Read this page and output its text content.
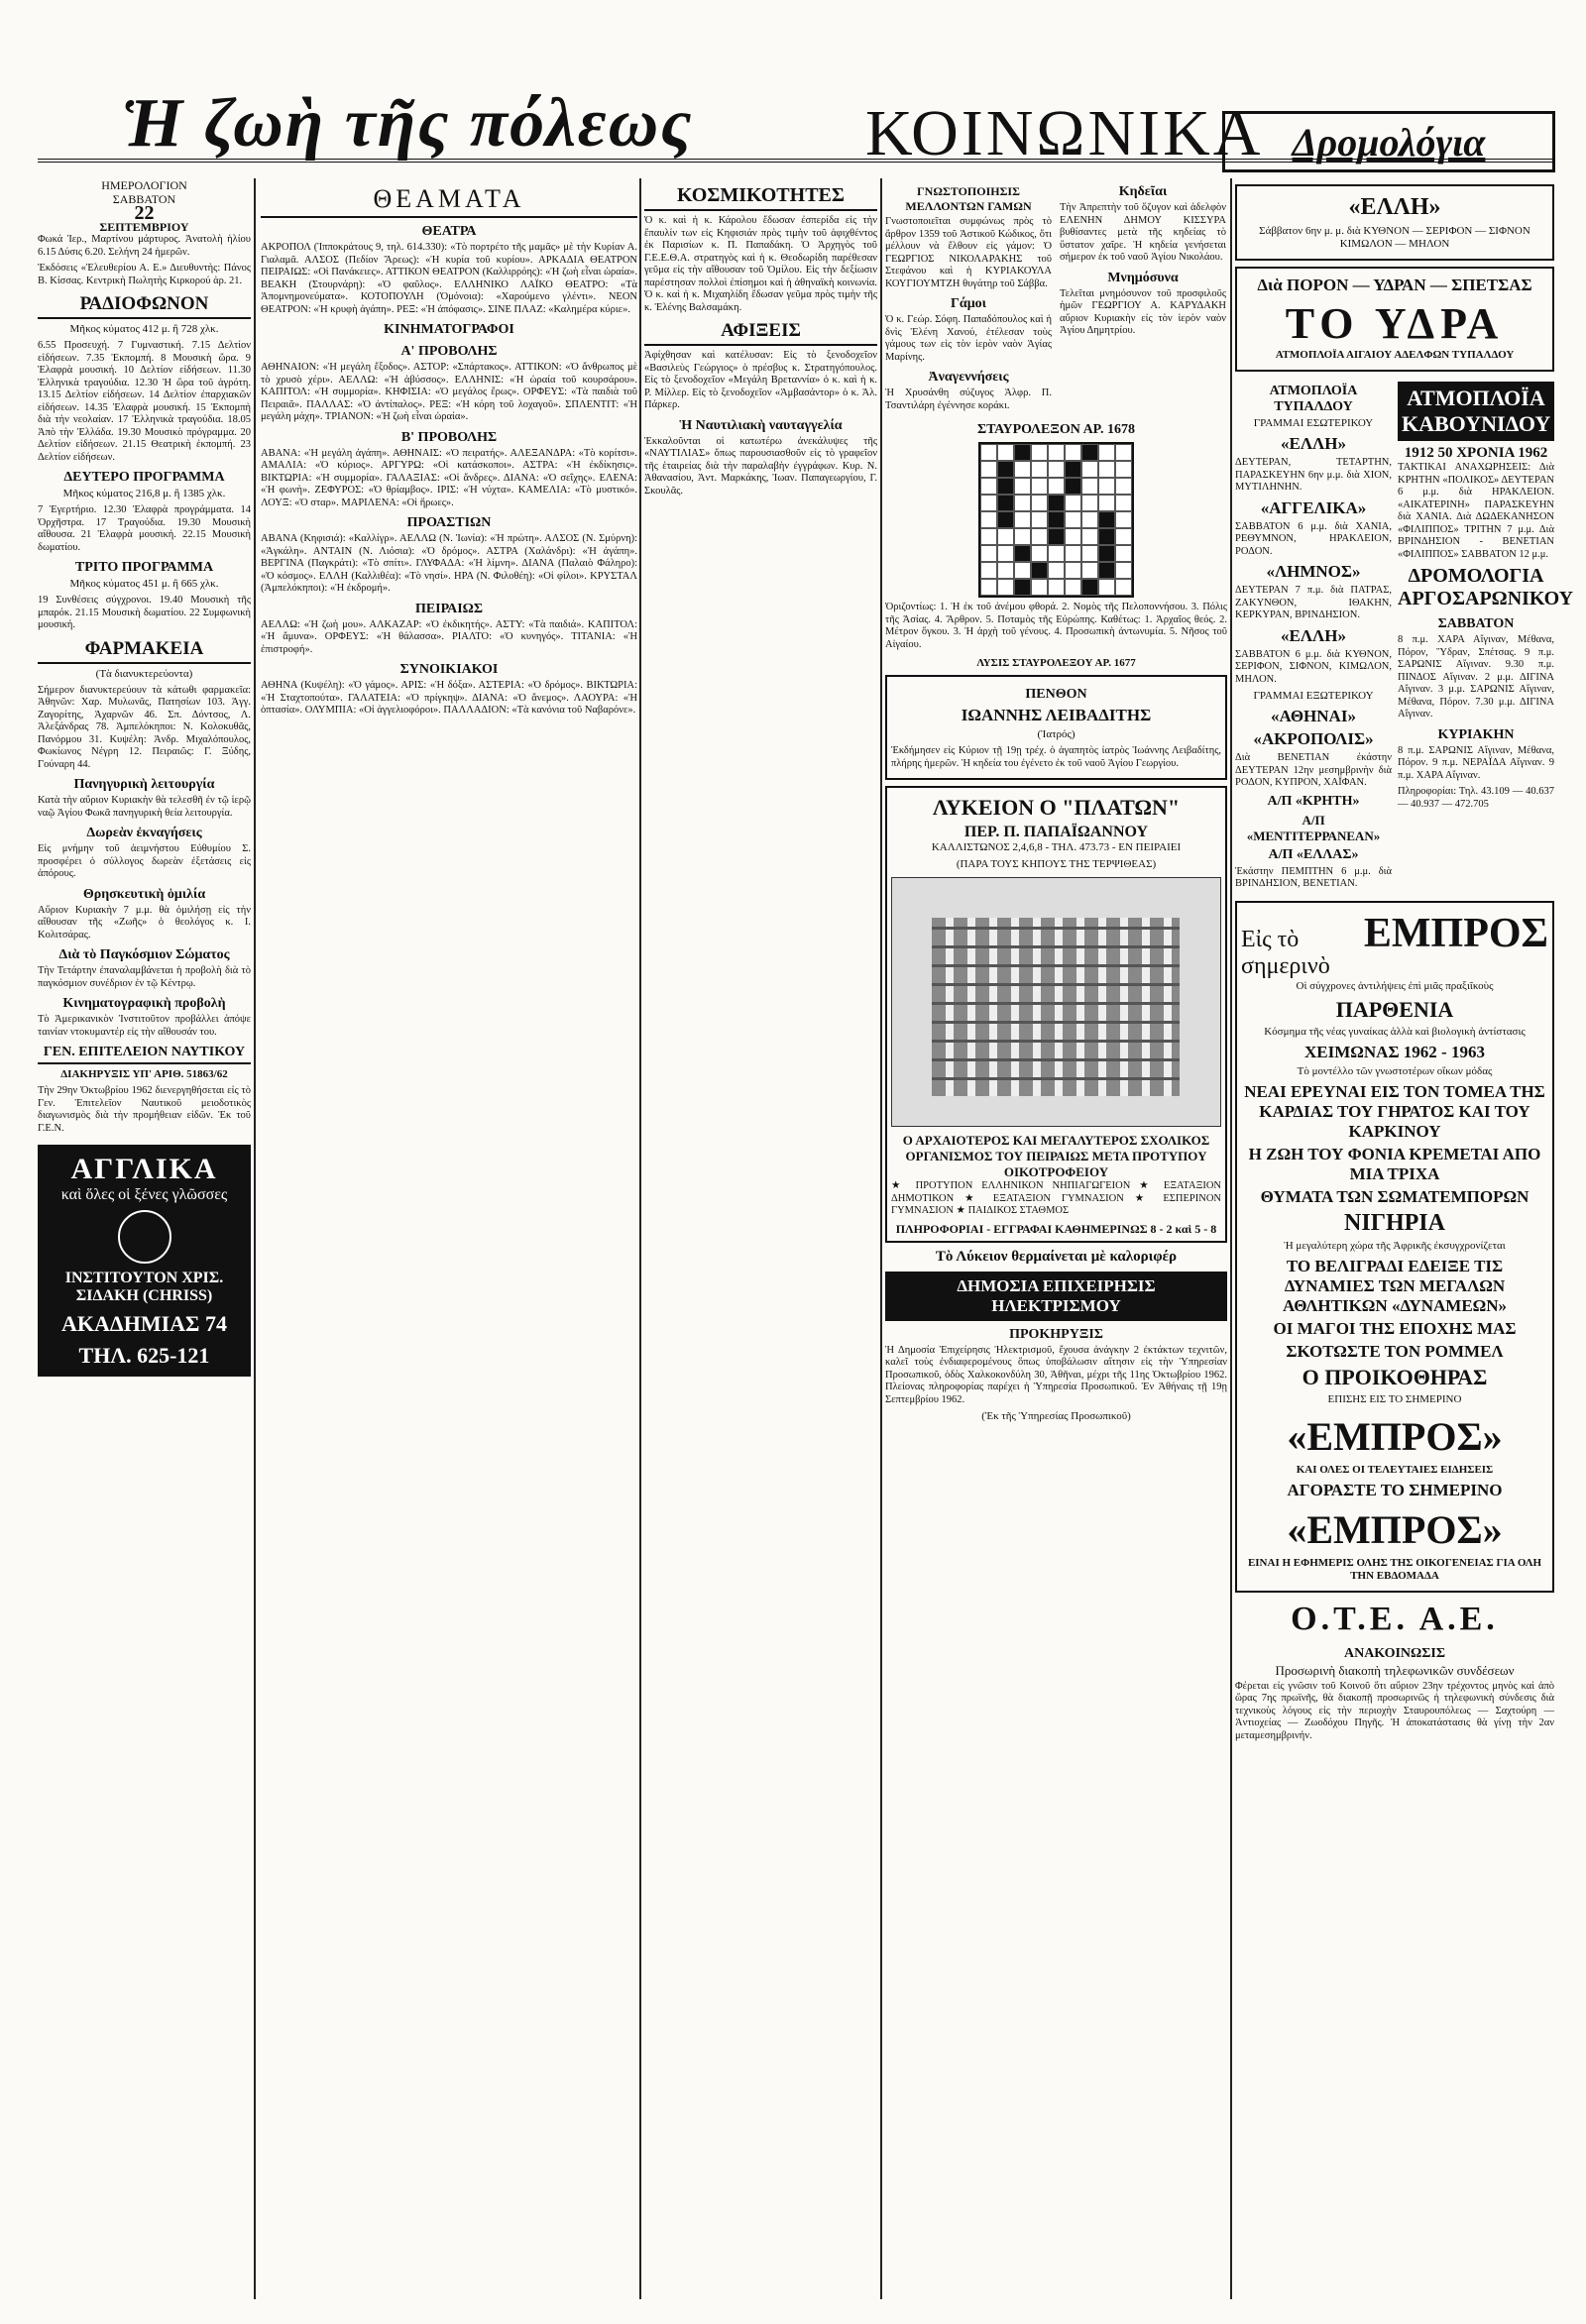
Ἡ ζωὴ τῆς πόλεως	ΚΟΙΝΩΝΙΚΑ Δρομολόγια
ΗΜΕΡΟΛΟΓΙΟΝ
ΣΑΒΒΑΤΟΝ
22
ΣΕΠΤΕΜΒΡΙΟΥ

Φωκά Ἱερ., Μαρτίνου μάρτυρος. Ἀνατολὴ ἡλίου 6.15 Δύσις 6.20. Σελήνη 24 ἡμερῶν.

Ἐκδόσεις «Ἐλευθερίου Α. Ε.» Διευθυντὴς: Πάνος Β. Κίσσας. Κεντρικὴ Πωλητὴς Κιρκορού ἀρ. 21.

ΡΑΔΙΟΦΩΝΟΝ
Μῆκος κύματος 412 μ. ἢ 728 χλκ.

6.55 Προσευχή. 7 Γυμναστική. 7.15 Δελτίον εἰδήσεων. 7.35 Ἐκπομπή. 8 Μουσικὴ ὥρα. 9 Ἐλαφρὰ μουσική. 10 Δελτίον εἰδήσεων. 11.30 Ἐλληνικὰ τραγούδια. 12.30 Ἡ ὥρα τοῦ ἀγρότη. 13.15 Δελτίον εἰδήσεων. 14 Δελτίον ἐπαρχιακῶν εἰδήσεων. 14.35 Ἐλαφρὰ μουσική. 15 Ἐκπομπὴ διὰ τὴν νεολαίαν. 17 Ἑλληνικὰ τραγούδια. 18.05 Ἀπὸ τὴν Ἑλλάδα. 19.30 Μουσικὸ πρόγραμμα. 20 Δελτίον εἰδήσεων. 21.15 Θεατρικὴ ἐκπομπή. 23 Δελτίον εἰδήσεων.

ΔΕΥΤΕΡΟ ΠΡΟΓΡΑΜΜΑ
Μῆκος κύματος 216,8 μ. ἢ 1385 χλκ.

7 Ἐγερτήριο. 12.30 Ἐλαφρὰ προγράμματα. 14 Ὀρχῆστρα. 17 Τραγούδια. 19.30 Μουσικὴ αἴθουσα. 21 Ἐλαφρὰ μουσική. 22.15 Μουσικὴ δωματίου.

ΤΡΙΤΟ ΠΡΟΓΡΑΜΜΑ
Μῆκος κύματος 451 μ. ἢ 665 χλκ.

19 Συνθέσεις σύγχρονοι. 19.40 Μουσικὴ τῆς μπαρόκ. 21.15 Μουσικὴ δωματίου. 22 Συμφωνικὴ μουσική.

ΦΑΡΜΑΚΕΙΑ
(Τὰ διανυκτερεύοντα)

Σήμερον διανυκτερεύουν τὰ κάτωθι φαρμακεῖα: Ἀθηνῶν: Χαρ. Μυλωνᾶς, Πατησίων 103. Ἀγγ. Ζαγορίτης, Ἀχαρνῶν 46. Σπ. Δόντσος, Λ. Ἀλεξάνδρας 78. Ἀμπελόκηποι: Ν. Κολοκυθᾶς, Πανόρμου 31. Κυψέλη: Ἀνδρ. Μιχαλόπουλος, Φωκίωνος Νέγρη 12. Πειραιῶς: Γ. Ξύδης, Γούναρη 44.

Πανηγυρικὴ λειτουργία

Κατὰ τὴν αὔριον Κυριακὴν θὰ τελεσθῆ ἐν τῷ ἱερῷ ναῷ Ἁγίου Φωκᾶ πανηγυρικὴ θεία λειτουργία.

Δωρεὰν ἐκναγήσεις

Εἰς μνήμην τοῦ ἀειμνήστου Εὐθυμίου Σ. προσφέρει ὁ σύλλογος δωρεὰν ἐξετάσεις εἰς ἀπόρους.

Θρησκευτικὴ ὁμιλία

Αὔριον Κυριακὴν 7 μ.μ. θὰ ὁμιλήσῃ εἰς τὴν αἴθουσαν τῆς «Ζωῆς» ὁ θεολόγος κ. Ι. Κολιτσάρας.

Διὰ τὸ Παγκόσμιον Σώματος

Τὴν Τετάρτην ἐπαναλαμβάνεται ἡ προβολὴ διὰ τὸ παγκόσμιον συνέδριον ἐν τῷ Κέντρῳ.

Κινηματογραφικὴ προβολὴ

Τὸ Ἀμερικανικὸν Ἰνστιτοῦτον προβάλλει ἀπόψε ταινίαν ντοκυμαντέρ εἰς τὴν αἴθουσάν του.

ΓΕΝ. ΕΠΙΤΕΛΕΙΟΝ ΝΑΥΤΙΚΟΥ
ΔΙΑΚΗΡΥΞΙΣ ΥΠ' ΑΡΙΘ. 51863/62

Τὴν 29ην Ὀκτωβρίου 1962 διενεργηθήσεται εἰς τὸ Γεν. Ἐπιτελεῖον Ναυτικοῦ μειοδοτικὸς διαγωνισμὸς διὰ τὴν προμήθειαν εἰδῶν. Ἐκ τοῦ Γ.Ε.Ν.

ΑΓΓΛΙΚΑ
καὶ ὅλες οἱ ξένες γλῶσσες
ΙΝΣΤΙΤΟΥΤΟΝ ΧΡΙΣ. ΣΙΔΑΚΗ (CHRISS)
ΑΚΑΔΗΜΙΑΣ 74
ΤΗΛ. 625-121
ΘΕΑΜΑΤΑ
ΘΕΑΤΡΑ

ΑΚΡΟΠΟΛ (Ἱπποκράτους 9, τηλ. 614.330): «Τὸ πορτρέτο τῆς μαμᾶς» μὲ τὴν Κυρίαν Α. Γιαλαμᾶ. ΑΛΣΟΣ (Πεδίον Ἄρεως): «Ἡ κυρία τοῦ κυρίου». ΑΡΚΑΔΙΑ ΘΕΑΤΡΟΝ ΠΕΙΡΑΙΩΣ: «Οἱ Πανάκειες». ΑΤΤΙΚΟΝ ΘΕΑΤΡΟΝ (Καλλιρρόης): «Ἡ ζωὴ εἶναι ὡραία». ΒΕΑΚΗ (Στουρνάρη): «Ὁ φαῦλος». ΕΛΛΗΝΙΚΟ ΛΑΪΚΟ ΘΕΑΤΡΟ: «Τὰ Ἀπομνημονεύματα». ΚΟΤΟΠΟΥΛΗ (Ὀμόνοια): «Χαρούμενο γλέντι». ΝΕΟΝ ΘΕΑΤΡΟΝ: «Ἡ κρυφὴ ἀγάπη». ΡΕΞ: «Ἡ ἀπόφασις». ΣΙΝΕ ΠΛΑΖ: «Καλημέρα κύριε».

ΚΙΝΗΜΑΤΟΓΡΑΦΟΙ
Α' ΠΡΟΒΟΛΗΣ

ΑΘΗΝΑΙΟΝ: «Ἡ μεγάλη ἔξοδος». ΑΣΤΟΡ: «Σπάρτακος». ΑΤΤΙΚΟΝ: «Ὁ ἄνθρωπος μὲ τὸ χρυσὸ χέρι». ΑΕΛΛΩ: «Ἡ ἀβύσσος». ΕΛΛΗΝΙΣ: «Ἡ ὡραία τοῦ κουρσάρου». ΚΑΠΙΤΟΛ: «Ἡ συμμορία». ΚΗΦΙΣΙΑ: «Ὁ μεγάλος ἔρως». ΟΡΦΕΥΣ: «Τὰ παιδιὰ τοῦ Πειραιᾶ». ΠΑΛΛΑΣ: «Ὁ ἀντίπαλος». ΡΕΞ: «Ἡ κόρη τοῦ λοχαγοῦ». ΣΠΛΕΝΤΙΤ: «Ἡ μεγάλη μάχη». ΤΡΙΑΝΟΝ: «Ἡ ζωὴ εἶναι ὡραία».

Β' ΠΡΟΒΟΛΗΣ

ΑΒΑΝΑ: «Ἡ μεγάλη ἀγάπη». ΑΘΗΝΑΙΣ: «Ὁ πειρατής». ΑΛΕΞΑΝΔΡΑ: «Τὸ κορίτσι». ΑΜΑΛΙΑ: «Ὁ κύριος». ΑΡΓΥΡΩ: «Οἱ κατάσκοποι». ΑΣΤΡΑ: «Ἡ ἐκδίκησις». ΒΙΚΤΩΡΙΑ: «Ἡ συμμορία». ΓΑΛΑΞΙΑΣ: «Οἱ ἄνδρες». ΔΙΑΝΑ: «Ὁ σεΐχης». ΕΛΕΝΑ: «Ἡ φωνὴ». ΖΕΦΥΡΟΣ: «Ὁ θρίαμβος». ΙΡΙΣ: «Ἡ νύχτα». ΚΑΜΕΛΙΑ: «Τὸ μυστικό». ΛΟΥΞ: «Ὁ σταρ». ΜΑΡΙΛΕΝΑ: «Οἱ ἥρωες».

ΠΡΟΑΣΤΙΩΝ

ΑΒΑΝΑ (Κηφισιά): «Καλλίγρ». ΑΕΛΛΩ (Ν. Ἰωνία): «Ἡ πρώτη». ΑΛΣΟΣ (Ν. Σμύρνη): «Ἀγκάλη». ΑΝΤΑΙΝ (Ν. Λιόσια): «Ὁ δρόμος». ΑΣΤΡΑ (Χαλάνδρι): «Ἡ ἀγάπη». ΒΕΡΓΙΝΑ (Παγκράτι): «Τὸ σπίτι». ΓΛΥΦΑΔΑ: «Ἡ λίμνη». ΔΙΑΝΑ (Παλαιὸ Φάληρο): «Ὁ κόσμος». ΕΛΛΗ (Καλλιθέα): «Τὸ νησί». ΗΡΑ (Ν. Φιλοθέη): «Οἱ φίλοι». ΚΡΥΣΤΑΛ (Ἀμπελόκηποι): «Ἡ ἐκδρομή».

ΠΕΙΡΑΙΩΣ

ΑΕΛΛΩ: «Ἡ ζωὴ μου». ΑΛΚΑΖΑΡ: «Ὁ ἐκδικητής». ΑΣΤΥ: «Τὰ παιδιά». ΚΑΠΙΤΟΛ: «Ἡ ἄμυνα». ΟΡΦΕΥΣ: «Ἡ θάλασσα». ΡΙΑΛΤΟ: «Ὁ κυνηγός». ΤΙΤΑΝΙΑ: «Ἡ ἐπιστροφή».

ΣΥΝΟΙΚΙΑΚΟΙ

ΑΘΗΝΑ (Κυψέλη): «Ὁ γάμος». ΑΡΙΣ: «Ἡ δόξα». ΑΣΤΕΡΙΑ: «Ὁ δρόμος». ΒΙΚΤΩΡΙΑ: «Ἡ Σταχτοπούτα». ΓΑΛΑΤΕΙΑ: «Ὁ πρίγκηψ». ΔΙΑΝΑ: «Ὁ ἄνεμος». ΛΑΟΥΡΑ: «Ἡ ὀπτασία». ΟΛΥΜΠΙΑ: «Οἱ ἀγγελιοφόροι». ΠΑΛΛΑΔΙΟΝ: «Τὰ κανόνια τοῦ Ναβαρόνε».

ΚΟΣΜΙΚΟΤΗΤΕΣ

Ὁ κ. καὶ ἡ κ. Κάρολου ἔδωσαν ἐσπερίδα εἰς τὴν ἔπαυλίν των εἰς Κηφισιάν πρὸς τιμὴν τοῦ ἀφιχθέντος ἐκ Παρισίων κ. Π. Παπαδάκη. Ὁ Ἀρχηγὸς τοῦ Γ.Ε.Ε.Θ.Α. στρατηγὸς καὶ ἡ κ. Θεοδωρίδη παρέθεσαν γεῦμα εἰς τὴν αἴθουσαν τοῦ Ὁμίλου. Εἰς τὴν δεξίωσιν παρέστησαν πολλοὶ ἐπίσημοι καὶ ἡ ἀθηναϊκὴ κοινωνία. Ὁ κ. καὶ ἡ κ. Μιχαηλίδη ἔδωσαν γεῦμα πρὸς τιμὴν τῆς κ. Ἐλένης Βαλσαμάκη.

ΑΦΙΞΕΙΣ

Ἀφίχθησαν καὶ κατέλυσαν: Εἰς τὸ ξενοδοχεῖον «Βασιλεὺς Γεώργιος» ὁ πρέσβυς κ. Στρατηγόπουλος. Εἰς τὸ ξενοδοχεῖον «Μεγάλη Βρεταννία» ὁ κ. καὶ ἡ κ. Ρ. Μίλλερ. Εἰς τὸ ξενοδοχεῖον «Ἀμβασάντορ» ὁ κ. Ἀλ. Πάρκερ.

Ἡ Ναυτιλιακὴ ναυταγγελία

Ἐκκαλοῦνται οἱ κατωτέρω ἀνεκάλυψες τῆς «ΝΑΥΤΙΛΙΑΣ» ὅπως παρουσιασθοῦν εἰς τὸ γραφεῖον τῆς ἑταιρείας διὰ τὴν παραλαβὴν ἐγγράφων. Κυρ. Ν. Ἀθανασίου, Ἀντ. Μαρκάκης, Ἰωαν. Παπαγεωργίου, Γ. Σκουλᾶς.

ΓΝΩΣΤΟΠΟΙΗΣΙΣ ΜΕΛΛΟΝΤΩΝ ΓΑΜΩΝ

Γνωστοποιεῖται συμφώνως πρὸς τὸ ἄρθρον 1359 τοῦ Ἀστικοῦ Κώδικος, ὅτι μέλλουν νὰ ἔλθουν εἰς γάμον: Ὁ ΓΕΩΡΓΙΟΣ ΝΙΚΟΛΑΡΑΚΗΣ τοῦ Στεφάνου καὶ ἡ ΚΥΡΙΑΚΟΥΛΑ ΚΟΥΓΙΟΥΜΤΖΗ θυγάτηρ τοῦ Σάββα.

Γάμοι

Ὁ κ. Γεώρ. Σόφη. Παπαδόπουλος καὶ ἡ δνὶς Ἑλένη Χανού, ἐτέλεσαν τοὺς γάμους των εἰς τὸν ἱερὸν ναὸν Ἁγίας Μαρίνης.

Ἀναγεννήσεις

Ἡ Χρυσάνθη σύζυγος Ἀλφρ. Π. Τσαντιλάρη ἐγέννησε κοράκι.

Κηδεῖαι

Τὴν Ἀπρεπτὴν τοῦ ὅζυγον καὶ ἀδελφὸν ΕΛΕΝΗΝ ΔΗΜΟΥ ΚΙΣΣΥΡΑ βυθίσαντες μετὰ τῆς κηδείας τὸ ὕστατον χαῖρε. Ἡ κηδεία γενήσεται σήμερον ἐκ τοῦ ναοῦ Ἁγίου Νικολάου.

Μνημόσυνα

Τελεῖται μνημόσυνον τοῦ προσφιλοῦς ἡμῶν ΓΕΩΡΓΙΟΥ Α. ΚΑΡΥΔΑΚΗ αὔριον Κυριακὴν εἰς τὸν ἱερὸν ναὸν Ἁγίου Δημητρίου.

ΣΤΑΥΡΟΛΕΞΟΝ ΑΡ. 1678

Ὁριζοντίως: 1. Ἡ ἐκ τοῦ ἀνέμου φθορά. 2. Νομὸς τῆς Πελοποννήσου. 3. Πόλις τῆς Ἀσίας. 4. Ἄρθρον. 5. Ποταμὸς τῆς Εὐρώπης. Καθέτως: 1. Ἀρχαῖος θεός. 2. Μέτρον ὄγκου. 3. Ἡ ἀρχὴ τοῦ γένους. 4. Προσωπικὴ ἀντωνυμία. 5. Νῆσος τοῦ Αἰγαίου.

ΛΥΣΙΣ ΣΤΑΥΡΟΛΕΞΟΥ ΑΡ. 1677
ΠΕΝΘΟΝ
ΙΩΑΝΝΗΣ ΛΕΙΒΑΔΙΤΗΣ
(Ἰατρός)

Ἐκδήμησεν εἰς Κύριον τῇ 19ῃ τρέχ. ὁ ἀγαπητὸς ἰατρὸς Ἰωάννης Λειβαδίτης, πλήρης ἡμερῶν. Ἡ κηδεία του ἐγένετο ἐκ τοῦ ναοῦ Ἁγίου Γεωργίου.

ΛΥΚΕΙΟΝ Ο "ΠΛΑΤΩΝ"
ΠΕΡ. Π. ΠΑΠΑΪΩΑΝΝΟΥ
ΚΑΛΛΙΣΤΩΝΟΣ 2,4,6,8 - ΤΗΛ. 473.73 - ΕΝ ΠΕΙΡΑΙΕΙ
(ΠΑΡΑ ΤΟΥΣ ΚΗΠΟΥΣ ΤΗΣ ΤΕΡΨΙΘΕΑΣ)
Ο ΑΡΧΑΙΟΤΕΡΟΣ ΚΑΙ ΜΕΓΑΛΥΤΕΡΟΣ ΣΧΟΛΙΚΟΣ ΟΡΓΑΝΙΣΜΟΣ ΤΟΥ ΠΕΙΡΑΙΩΣ ΜΕΤΑ ΠΡΟΤΥΠΟΥ ΟΙΚΟΤΡΟΦΕΙΟΥ

★ ΠΡΟΤΥΠΟΝ ΕΛΛΗΝΙΚΟΝ ΝΗΠΙΑΓΩΓΕΙΟΝ ★ ΕΞΑΤΑΞΙΟΝ ΔΗΜΟΤΙΚΟΝ ★ ΕΞΑΤΑΞΙΟΝ ΓΥΜΝΑΣΙΟΝ ★ ΕΣΠΕΡΙΝΟΝ ΓΥΜΝΑΣΙΟΝ ★ ΠΑΙΔΙΚΟΣ ΣΤΑΘΜΟΣ

ΠΛΗΡΟΦΟΡΙΑΙ - ΕΓΓΡΑΦΑΙ ΚΑΘΗΜΕΡΙΝΩΣ 8 - 2 καὶ 5 - 8
Τὸ Λύκειον θερμαίνεται μὲ καλοριφέρ
ΔΗΜΟΣΙΑ ΕΠΙΧΕΙΡΗΣΙΣ ΗΛΕΚΤΡΙΣΜΟΥ
ΠΡΟΚΗΡΥΞΙΣ

Ἡ Δημοσία Ἐπιχείρησις Ἠλεκτρισμοῦ, ἔχουσα ἀνάγκην 2 ἐκτάκτων τεχνιτῶν, καλεῖ τοὺς ἐνδιαφερομένους ὅπως ὑποβάλωσιν αἴτησιν εἰς τὴν Ὑπηρεσίαν Προσωπικοῦ, ὁδὸς Χαλκοκονδύλη 30, Ἀθῆναι, μέχρι τῆς 11ης Ὀκτωβρίου 1962. Πλείονας πληροφορίας παρέχει ἡ Ὑπηρεσία Προσωπικοῦ. Ἐν Ἀθήναις τῇ 19ῃ Σεπτεμβρίου 1962.

(Ἐκ τῆς Ὑπηρεσίας Προσωπικοῦ)
«ΕΛΛΗ»

Σάββατον 6ην μ. μ. διὰ ΚΥΘΝΟΝ — ΣΕΡΙΦΟΝ — ΣΙΦΝΟΝ ΚΙΜΩΛΟΝ — ΜΗΛΟΝ

Διὰ ΠΟΡΟΝ — ΥΔΡΑΝ — ΣΠΕΤΣΑΣ
ΤΟ ΥΔΡΑ
ΑΤΜΟΠΛΟΪΑ ΑΙΓΑΙΟΥ ΑΔΕΛΦΩΝ ΤΥΠΑΛΔΟΥ
ΑΤΜΟΠΛΟΪΑ ΤΥΠΑΛΔΟΥ
ΓΡΑΜΜΑΙ ΕΣΩΤΕΡΙΚΟΥ
«ΕΛΛΗ»

ΔΕΥΤΕΡΑΝ, ΤΕΤΑΡΤΗΝ, ΠΑΡΑΣΚΕΥΗΝ 6ην μ.μ. διὰ ΧΙΟΝ, ΜΥΤΙΛΗΝΗΝ.

«ΑΓΓΕΛΙΚΑ»

ΣΑΒΒΑΤΟΝ 6 μ.μ. διὰ ΧΑΝΙΑ, ΡΕΘΥΜΝΟΝ, ΗΡΑΚΛΕΙΟΝ, ΡΟΔΟΝ.

«ΛΗΜΝΟΣ»

ΔΕΥΤΕΡΑΝ 7 π.μ. διὰ ΠΑΤΡΑΣ, ΖΑΚΥΝΘΟΝ, ΙΘΑΚΗΝ, ΚΕΡΚΥΡΑΝ, ΒΡΙΝΔΗΣΙΟΝ.

«ΕΛΛΗ»

ΣΑΒΒΑΤΟΝ 6 μ.μ. διὰ ΚΥΘΝΟΝ, ΣΕΡΙΦΟΝ, ΣΙΦΝΟΝ, ΚΙΜΩΛΟΝ, ΜΗΛΟΝ.

ΓΡΑΜΜΑΙ ΕΞΩΤΕΡΙΚΟΥ
«ΑΘΗΝΑΙ»
«ΑΚΡΟΠΟΛΙΣ»

Διὰ ΒΕΝΕΤΙΑΝ ἐκάστην ΔΕΥΤΕΡΑΝ 12ην μεσημβρινὴν διὰ ΡΟΔΟΝ, ΚΥΠΡΟΝ, ΧΑΪΦΑΝ.

Α/Π «ΚΡΗΤΗ»
Α/Π «ΜΕΝΤΙΤΕΡΡΑΝΕΑΝ»
Α/Π «ΕΛΛΑΣ»

Ἑκάστην ΠΕΜΠΤΗΝ 6 μ.μ. διὰ ΒΡΙΝΔΗΣΙΟΝ, ΒΕΝΕΤΙΑΝ.

ΑΤΜΟΠΛΟΪΑ ΚΑΒΟΥΝΙΔΟΥ
1912 50 ΧΡΟΝΙΑ 1962

ΤΑΚΤΙΚΑΙ ΑΝΑΧΩΡΗΣΕΙΣ: Διὰ ΚΡΗΤΗΝ «ΠΟΛΙΚΟΣ» ΔΕΥΤΕΡΑΝ 6 μ.μ. διὰ ΗΡΑΚΛΕΙΟΝ. «ΑΙΚΑΤΕΡΙΝΗ» ΠΑΡΑΣΚΕΥΗΝ διὰ ΧΑΝΙΑ. Διὰ ΔΩΔΕΚΑΝΗΣΟΝ «ΦΙΛΙΠΠΟΣ» ΤΡΙΤΗΝ 7 μ.μ. Διὰ ΒΡΙΝΔΗΣΙΟΝ - ΒΕΝΕΤΙΑΝ «ΦΙΛΙΠΠΟΣ» ΣΑΒΒΑΤΟΝ 12 μ.μ.

ΔΡΟΜΟΛΟΓΙΑ ΑΡΓΟΣΑΡΩΝΙΚΟΥ
ΣΑΒΒΑΤΟΝ

8 π.μ. ΧΑΡΑ Αἴγιναν, Μέθανα, Πόρον, Ὕδραν, Σπέτσας. 9 π.μ. ΣΑΡΩΝΙΣ Αἴγιναν. 9.30 π.μ. ΠΙΝΔΟΣ Αἴγιναν. 2 μ.μ. ΔΙΓΙΝΑ Αἴγιναν. 3 μ.μ. ΣΑΡΩΝΙΣ Αἴγιναν, Μέθανα, Πόρον. 7.30 μ.μ. ΔΙΓΙΝΑ Αἴγιναν.

ΚΥΡΙΑΚΗΝ

8 π.μ. ΣΑΡΩΝΙΣ Αἴγιναν, Μέθανα, Πόρον. 9 π.μ. ΝΕΡΑΪΔΑ Αἴγιναν. 9 π.μ. ΧΑΡΑ Αἴγιναν.

Πληροφορίαι: Τηλ. 43.109 — 40.637 — 40.937 — 472.705

Εἰς τὸ σημερινὸ
ΕΜΠΡΟΣ
Οἱ σύγχρονες ἀντιλήψεις ἐπὶ μιᾶς πραξιῖκοὺς
ΠΑΡΘΕΝΙΑ
Κόσμημα τῆς νέας γυναίκας ἀλλὰ καὶ βιολογικὴ ἀντίστασις
ΧΕΙΜΩΝΑΣ 1962 - 1963
Τὸ μοντέλλο τῶν γνωστοτέρων οἴκων μόδας
ΝΕΑΙ ΕΡΕΥΝΑΙ ΕΙΣ ΤΟΝ ΤΟΜΕΑ ΤΗΣ ΚΑΡΔΙΑΣ ΤΟΥ ΓΗΡΑΤΟΣ ΚΑΙ ΤΟΥ ΚΑΡΚΙΝΟΥ
Η ΖΩΗ ΤΟΥ ΦΟΝΙΑ ΚΡΕΜΕΤΑΙ ΑΠΟ ΜΙΑ ΤΡΙΧΑ
ΘΥΜΑΤΑ ΤΩΝ ΣΩΜΑΤΕΜΠΟΡΩΝ
ΝΙΓΗΡΙΑ
Ἡ μεγαλύτερη χώρα τῆς Ἀφρικῆς ἐκσυγχρονίζεται
ΤΟ ΒΕΛΙΓΡΑΔΙ ΕΔΕΙΞΕ ΤΙΣ ΔΥΝΑΜΙΕΣ ΤΩΝ ΜΕΓΑΛΩΝ ΑΘΛΗΤΙΚΩΝ «ΔΥΝΑΜΕΩΝ»
ΟΙ ΜΑΓΟΙ ΤΗΣ ΕΠΟΧΗΣ ΜΑΣ
ΣΚΟΤΩΣΤΕ ΤΟΝ ΡΟΜΜΕΛ
Ο ΠΡΟΙΚΟΘΗΡΑΣ
ΕΠΙΣΗΣ ΕΙΣ ΤΟ ΣΗΜΕΡΙΝΟ
«ΕΜΠΡΟΣ»
ΚΑΙ ΟΛΕΣ ΟΙ ΤΕΛΕΥΤΑΙΕΣ ΕΙΔΗΣΕΙΣ
ΑΓΟΡΑΣΤΕ ΤΟ ΣΗΜΕΡΙΝΟ
«ΕΜΠΡΟΣ»
ΕΙΝΑΙ Η ΕΦΗΜΕΡΙΣ ΟΛΗΣ ΤΗΣ ΟΙΚΟΓΕΝΕΙΑΣ ΓΙΑ ΟΛΗ ΤΗΝ ΕΒΔΟΜΑΔΑ
Ο.Τ.Ε. Α.Ε.
ΑΝΑΚΟΙΝΩΣΙΣ
Προσωρινὴ διακοπὴ τηλεφωνικῶν συνδέσεων

Φέρεται εἰς γνῶσιν τοῦ Κοινοῦ ὅτι αὔριον 23ην τρέχοντος μηνὸς καὶ ἀπὸ ὥρας 7ης πρωϊνῆς, θὰ διακοπῇ προσωρινῶς ἡ τηλεφωνικὴ σύνδεσις διὰ τεχνικοὺς λόγους εἰς τὴν περιοχὴν Σταυρουπόλεως — Σαχτούρη — Ἀντιοχείας — Ζωοδόχου Πηγῆς. Ἡ ἀποκατάστασις θὰ γίνῃ τὴν 2αν μεταμεσημβρινήν.
